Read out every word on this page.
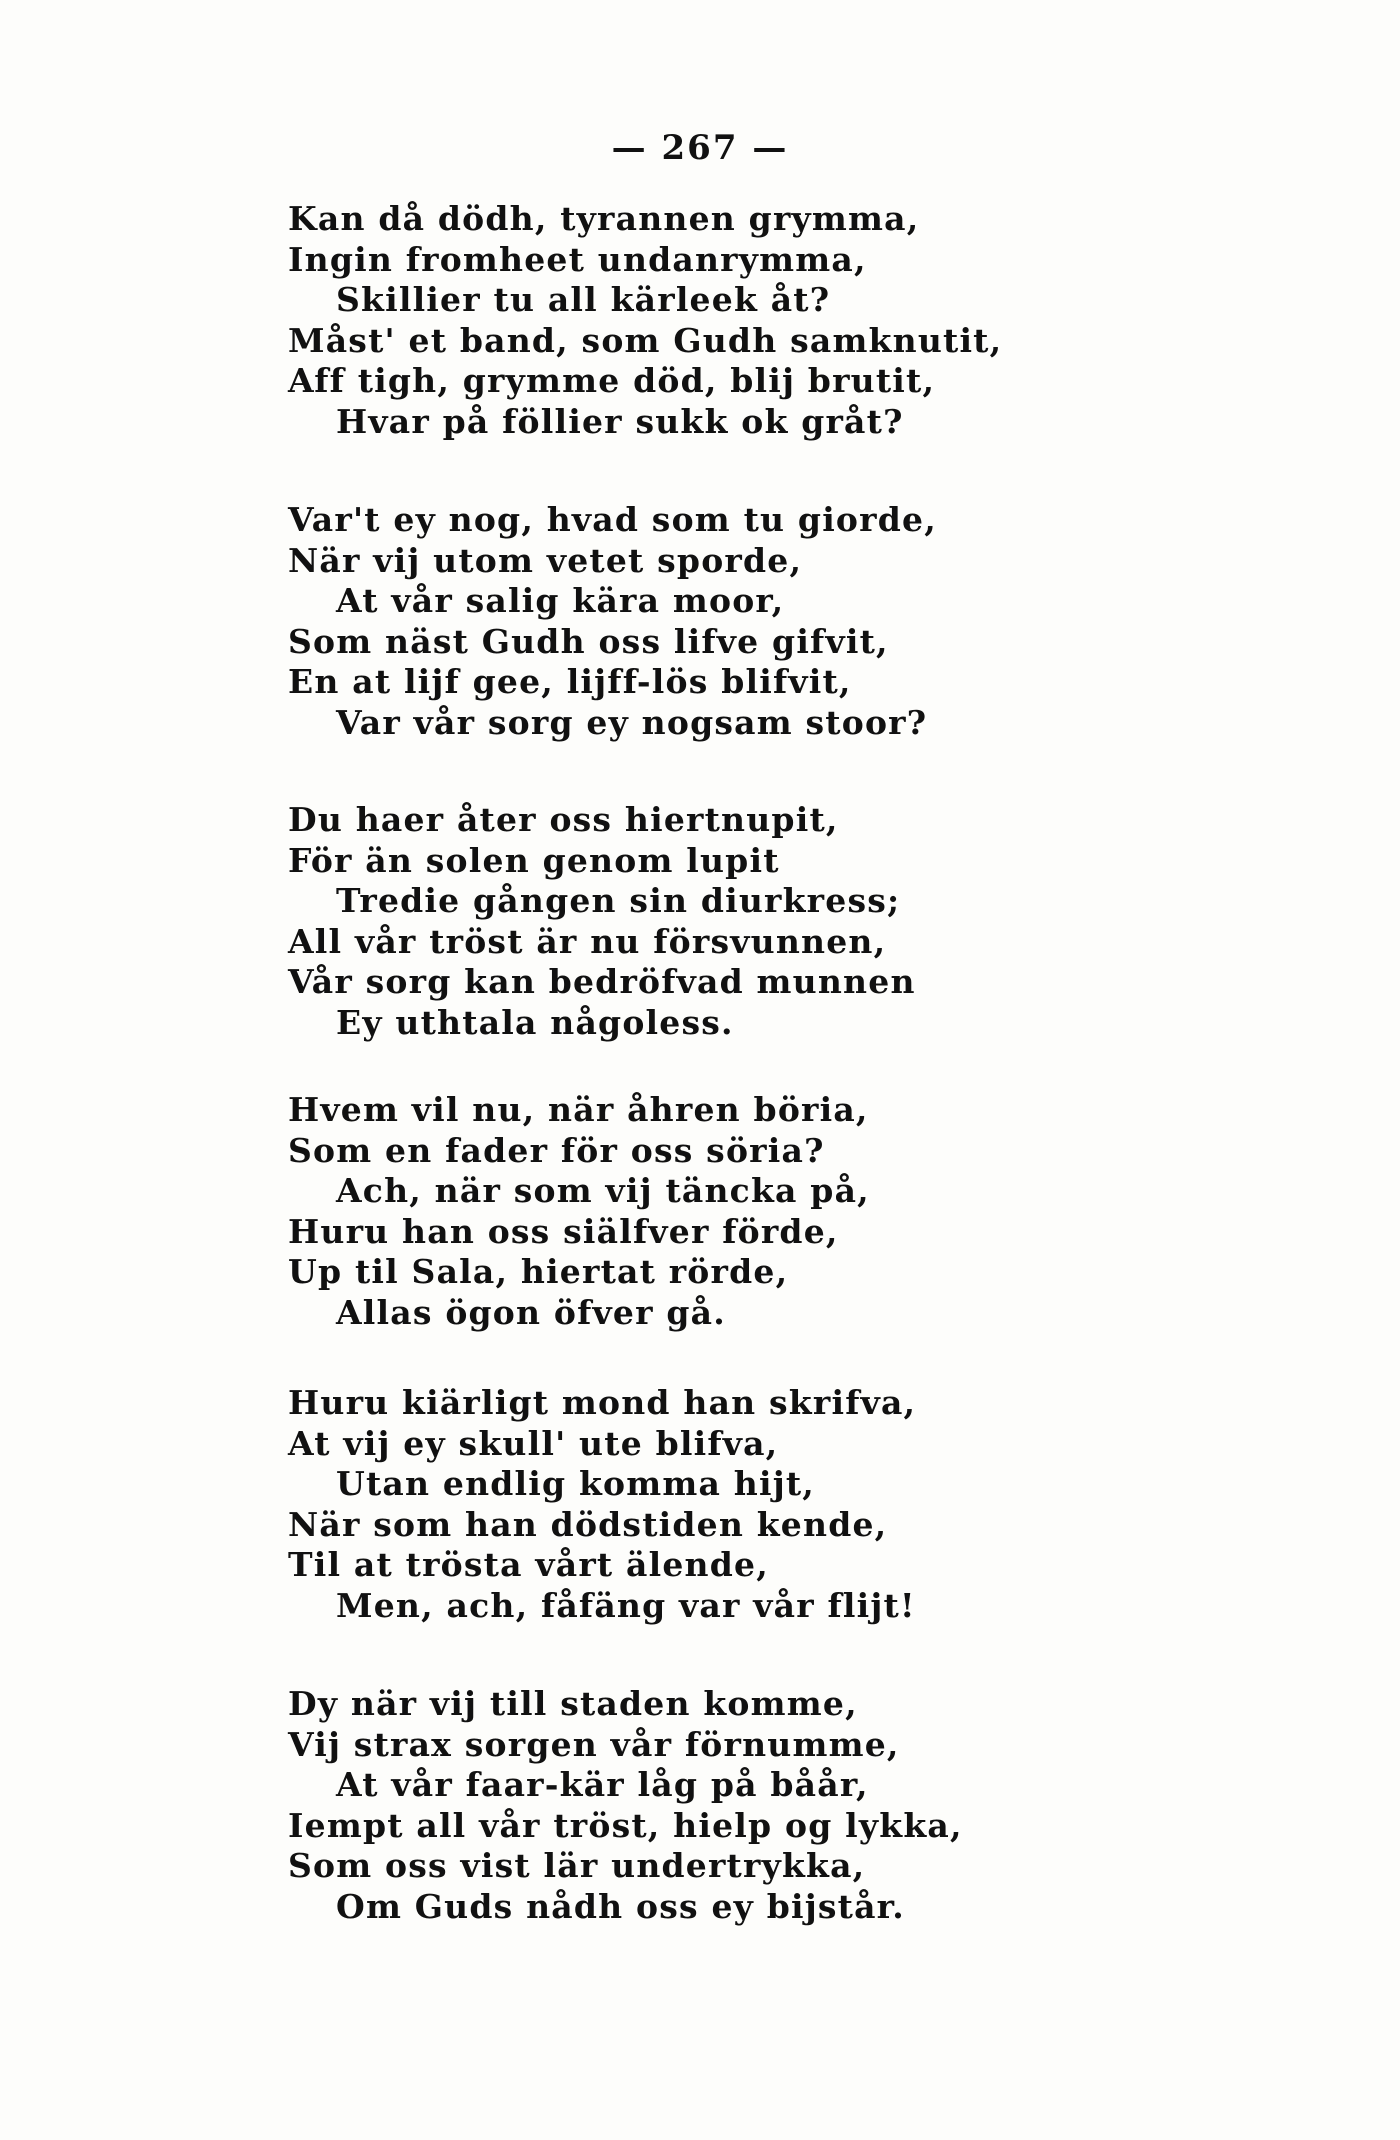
— 267 —
Kan då dödh, tyrannen grymma,
Ingin fromheet undanrymma,
Skillier tu all kärleek åt?
Måst' et band, som Gudh samknutit,
Aff tigh, grymme död, blij brutit,
Hvar på föllier sukk ok gråt?
Var't ey nog, hvad som tu giorde,
När vij utom vetet sporde,
At vår salig kära moor,
Som näst Gudh oss lifve gifvit,
En at lijf gee, lijff-lös blifvit,
Var vår sorg ey nogsam stoor?
Du haer åter oss hiertnupit,
För än solen genom lupit
Tredie gången sin diurkress;
All vår tröst är nu försvunnen,
Vår sorg kan bedröfvad munnen
Ey uthtala någoless.
Hvem vil nu, när åhren böria,
Som en fader för oss söria?
Ach, när som vij täncka på,
Huru han oss siälfver förde,
Up til Sala, hiertat rörde,
Allas ögon öfver gå.
Huru kiärligt mond han skrifva,
At vij ey skull' ute blifva,
Utan endlig komma hijt,
När som han dödstiden kende,
Til at trösta vårt älende,
Men, ach, fåfäng var vår flijt!
Dy när vij till staden komme,
Vij strax sorgen vår förnumme,
At vår faar-kär låg på båår,
Iempt all vår tröst, hielp og lykka,
Som oss vist lär undertrykka,
Om Guds nådh oss ey bijstår.
